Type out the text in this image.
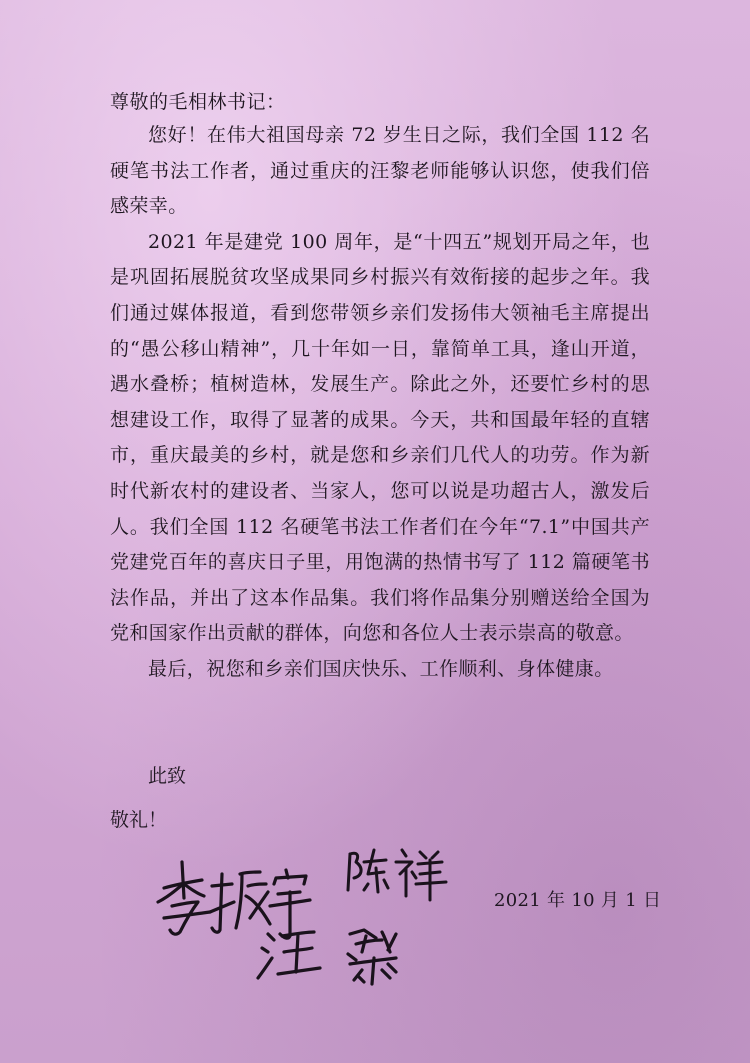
尊敬的毛相林书记：

您好！在伟大祖国母亲 72 岁生日之际，我们全国 112 名硬笔书法工作者，通过重庆的汪黎老师能够认识您，使我们倍感荣幸。

2021 年是建党 100 周年，是“十四五”规划开局之年，也是巩固拓展脱贫攻坚成果同乡村振兴有效衔接的起步之年。我们通过媒体报道，看到您带领乡亲们发扬伟大领袖毛主席提出的“愚公移山精神”，几十年如一日，靠简单工具，逢山开道，遇水叠桥；植树造林，发展生产。除此之外，还要忙乡村的思想建设工作，取得了显著的成果。今天，共和国最年轻的直辖市，重庆最美的乡村，就是您和乡亲们几代人的功劳。作为新时代新农村的建设者、当家人，您可以说是功超古人，激发后人。我们全国 112 名硬笔书法工作者们在今年“7.1”中国共产党建党百年的喜庆日子里，用饱满的热情书写了 112 篇硬笔书法作品，并出了这本作品集。我们将作品集分别赠送给全国为党和国家作出贡献的群体，向您和各位人士表示崇高的敬意。

最后，祝您和乡亲们国庆快乐、工作顺利、身体健康。

此致
敬礼！
2021 年 10 月 1 日
